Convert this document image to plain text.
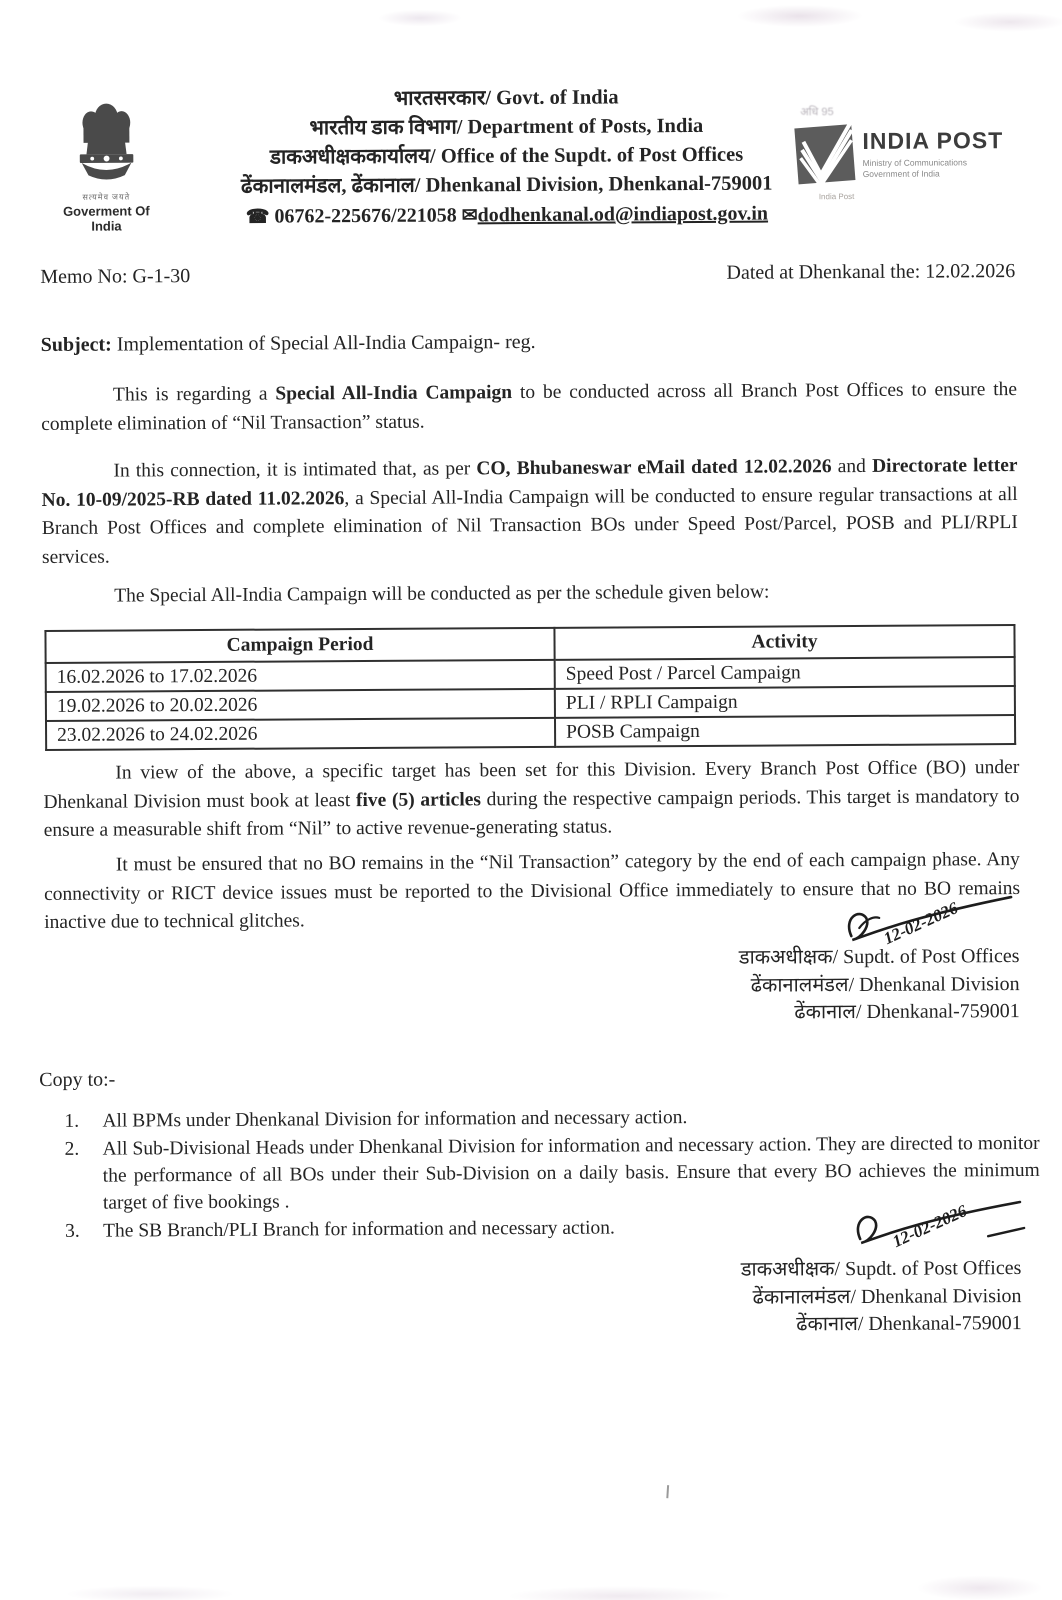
सत्यमेव जयते
Goverment Of India
भारतसरकार/ Govt. of India
भारतीय डाक विभाग/ Department of Posts, India
डाकअधीक्षककार्यालय/ Office of the Supdt. of Post Offices
ढेंकानालमंडल, ढेंकानाल/ Dhenkanal Division, Dhenkanal-759001
☎ 06762-225676/221058 ✉dodhenkanal.od@indiapost.gov.in
अधि 95
INDIA POST
Ministry of Communications
Government of India
India Post
Memo No: G-1-30	Dated at Dhenkanal the: 12.02.2026
Subject: Implementation of Special All-India Campaign- reg.
This is regarding a Special All-India Campaign to be conducted across all Branch Post Offices to ensure the complete elimination of “Nil Transaction” status.
In this connection, it is intimated that, as per CO, Bhubaneswar eMail dated 12.02.2026 and Directorate letter No. 10-09/2025-RB dated 11.02.2026, a Special All-India Campaign will be conducted to ensure regular transactions at all Branch Post Offices and complete elimination of Nil Transaction BOs under Speed Post/Parcel, POSB and PLI/RPLI services.
The Special All-India Campaign will be conducted as per the schedule given below:
Campaign Period	Activity
16.02.2026 to 17.02.2026	Speed Post / Parcel Campaign
19.02.2026 to 20.02.2026	PLI / RPLI Campaign
23.02.2026 to 24.02.2026	POSB Campaign
In view of the above, a specific target has been set for this Division. Every Branch Post Office (BO) under Dhenkanal Division must book at least five (5) articles during the respective campaign periods. This target is mandatory to ensure a measurable shift from “Nil” to active revenue-generating status.
It must be ensured that no BO remains in the “Nil Transaction” category by the end of each campaign phase. Any connectivity or RICT device issues must be reported to the Divisional Office immediately to ensure that no BO remains inactive due to technical glitches.	12-02-2026
डाकअधीक्षक/ Supdt. of Post Offices
ढेंकानालमंडल/ Dhenkanal Division
ढेंकानाल/ Dhenkanal-759001
Copy to:-
1.	All BPMs under Dhenkanal Division for information and necessary action.
2.	All Sub-Divisional Heads under Dhenkanal Division for information and necessary action. They are directed to monitor the performance of all BOs under their Sub-Division on a daily basis. Ensure that every BO achieves the minimum target of five bookings .
3.	The SB Branch/PLI Branch for information and necessary action.	12-02-2026
डाकअधीक्षक/ Supdt. of Post Offices
ढेंकानालमंडल/ Dhenkanal Division
ढेंकानाल/ Dhenkanal-759001
